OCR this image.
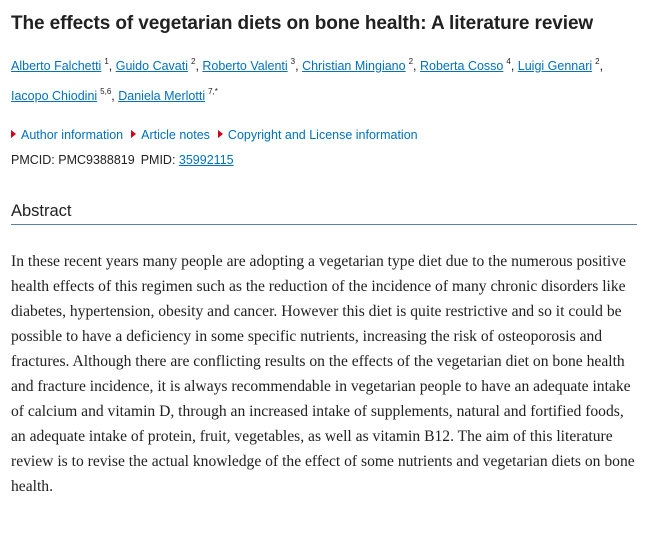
The effects of vegetarian diets on bone health: A literature review
Alberto Falchetti $^1$, Guido Cavati $^2$, Roberto Valenti $^3$, Christian Mingiano $^2$, Roberta Cosso $^4$, Luigi Gennari $^2$, Iacopo Chiodini $^{5,6}$, Daniela Merlotti $^{7,*}$
Author information Article notes Copyright and License information
PMCID: PMC9388819 PMID: 35992115
Abstract

In these recent years many people are adopting a vegetarian type diet due to the numerous positive health effects of this regimen such as the reduction of the incidence of many chronic disorders like diabetes, hypertension, obesity and cancer. However this diet is quite restrictive and so it could be possible to have a deficiency in some specific nutrients, increasing the risk of osteoporosis and fractures. Although there are conflicting results on the effects of the vegetarian diet on bone health and fracture incidence, it is always recommendable in vegetarian people to have an adequate intake of calcium and vitamin D, through an increased intake of supplements, natural and fortified foods, an adequate intake of protein, fruit, vegetables, as well as vitamin B12. The aim of this literature review is to revise the actual knowledge of the effect of some nutrients and vegetarian diets on bone health.
